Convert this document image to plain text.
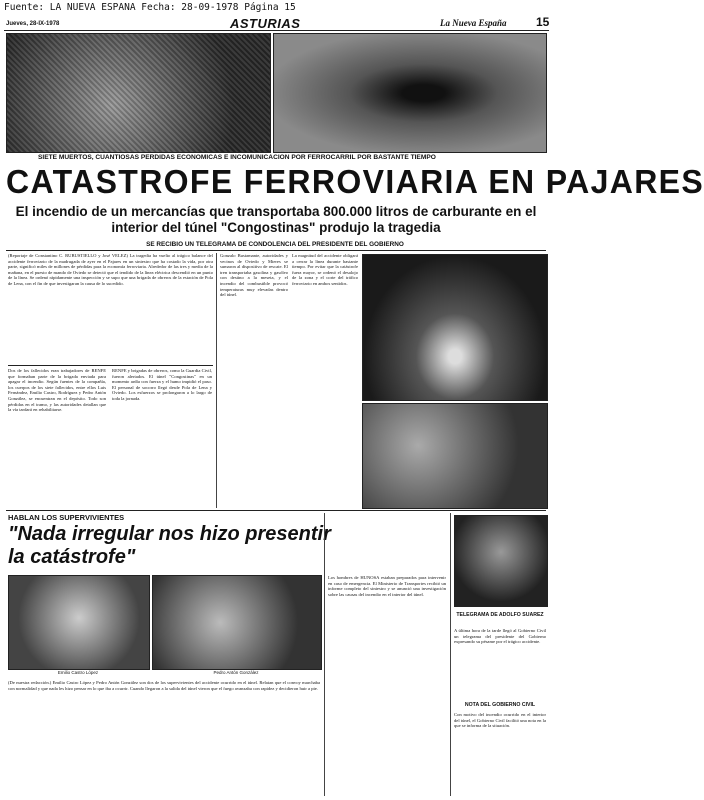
Fuente: LA NUEVA ESPANA Fecha: 28-09-1978 Página 15
Jueves, 28-IX-1978	ASTURIAS	La Nueva España 15
SIETE MUERTOS, CUANTIOSAS PERDIDAS ECONOMICAS E INCOMUNICACION POR FERROCARRIL POR BASTANTE TIEMPO
CATASTROFE FERROVIARIA EN PAJARES
El incendio de un mercancías que transportaba 800.000 litros de carburante en el interior del túnel "Congostinas" produjo la tragedia
SE RECIBIO UN TELEGRAMA DE CONDOLENCIA DEL PRESIDENTE DEL GOBIERNO
(Reportaje de Constantino C. RUBUSTIELLO y José VELEZ) La tragedia ha vuelto al trágico balance del accidente ferroviario de la madrugada de ayer en el Pajares en un siniestro que ha costado la vida, por otra parte, significó miles de millones de pérdidas para la economía ferroviaria. Alrededor de las tres y media de la mañana, en el puesto de mando de Oviedo se detectó que el tendido de la línea eléctrica descendió en un punto de la línea. Se ordenó rápidamente una inspección y se supo que una brigada de obreros de la estación de Pola de Lena, con el fin de que investigaran la causa de lo sucedido.
Dos de los fallecidos eran trabajadores de RENFE que formaban parte de la brigada enviada para apagar el incendio. Según fuentes de la compañía, los cuerpos de los siete fallecidos, entre ellos Luis Fernández, Emilio Castro, Rodríguez y Pedro Antón González, se encuentran en el depósito. Todo son pérdidas en el tramo, y las autoridades detallan que la vía tardará en rehabilitarse.
RENFE y brigadas de obreros, como la Guardia Civil, fueron alertados. El túnel "Congostinas" en un momento ardía con fuerza y el humo impidió el paso. El personal de socorro llegó desde Pola de Lena y Oviedo. Los esfuerzos se prolongaron a lo largo de toda la jornada.
Gonzalo Bustamante, autoridades y vecinos de Oviedo y Mieres se sumaron al dispositivo de rescate. El tren transportaba gasolina y gasóleo con destino a la meseta, y el incendio del combustible provocó temperaturas muy elevadas dentro del túnel.
La magnitud del accidente obligará a cerrar la línea durante bastante tiempo. Por evitar que la catástrofe fuera mayor, se ordenó el desalojo de la zona y el corte del tráfico ferroviario en ambos sentidos.
HABLAN LOS SUPERVIVIENTES
"Nada irregular nos hizo presentir la catástrofe"
Emilio Castro López	Pedro Antón González
(De nuestra redacción.) Emilio Castro López y Pedro Antón González son dos de los supervivientes del accidente ocurrido en el túnel. Relatan que el convoy marchaba con normalidad y que nada les hizo pensar en lo que iba a ocurrir. Cuando llegaron a la salida del túnel vieron que el fuego avanzaba con rapidez y decidieron huir a pie.
Los hombres de HUNOSA estaban preparados para intervenir en caso de emergencia. El Ministerio de Transportes recibió un informe completo del siniestro y se anunció una investigación sobre las causas del incendio en el interior del túnel.
TELEGRAMA DE ADOLFO SUAREZ
A última hora de la tarde llegó al Gobierno Civil un telegrama del presidente del Gobierno expresando su pésame por el trágico accidente.
NOTA DEL GOBIERNO CIVIL
Con motivo del incendio ocurrido en el interior del túnel, el Gobierno Civil facilitó una nota en la que se informa de la situación.
